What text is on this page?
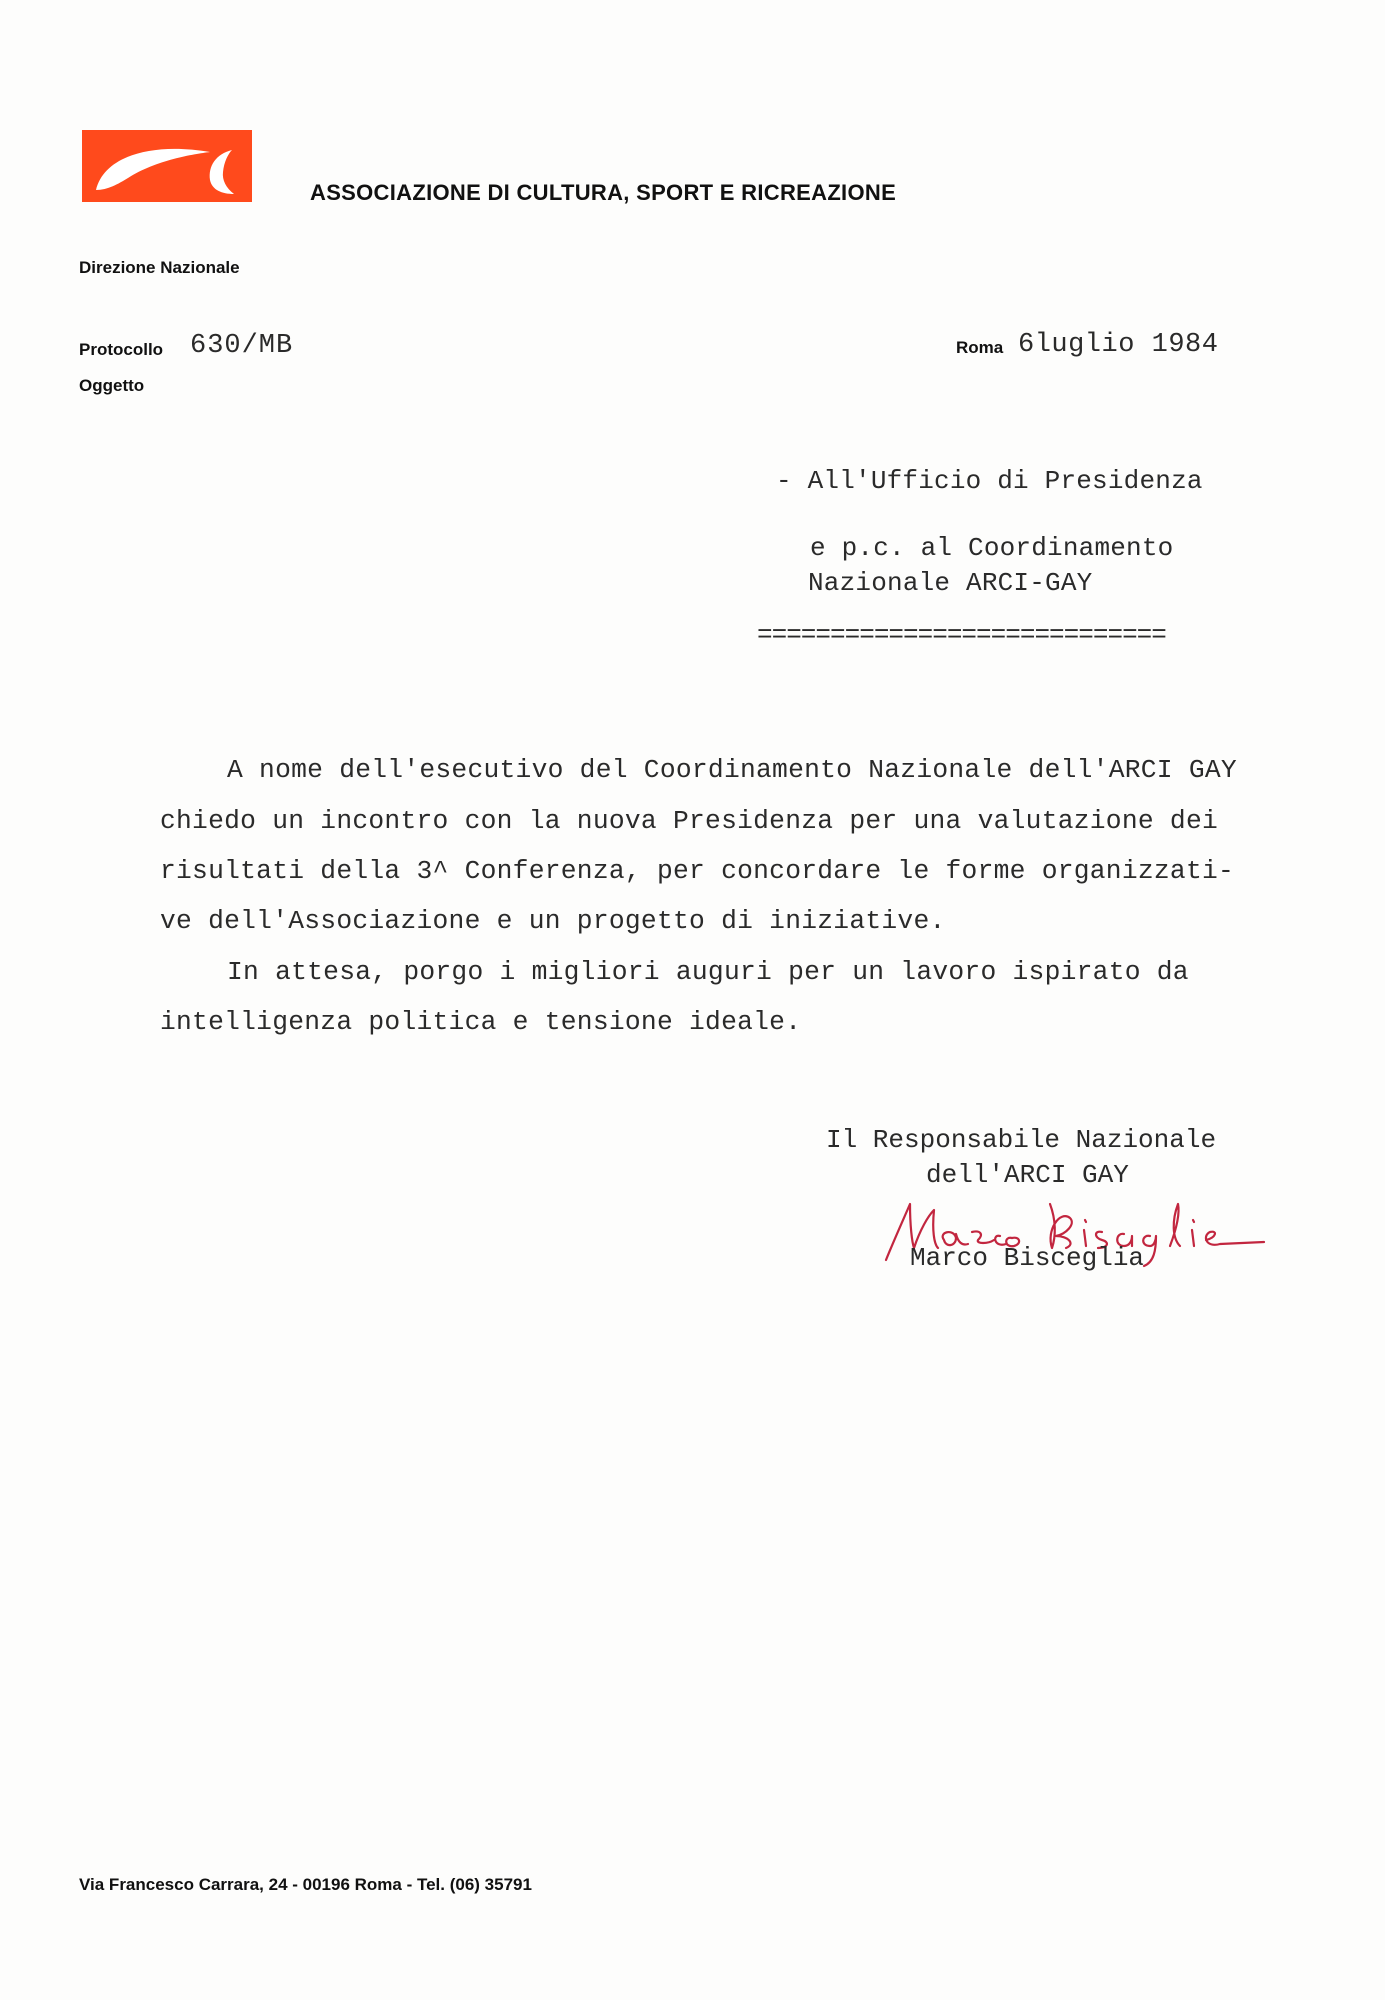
ASSOCIAZIONE DI CULTURA, SPORT E RICREAZIONE
Direzione Nazionale
Protocollo 630/MB
Oggetto
Roma 6luglio 1984
- All'Ufficio di Presidenza
e p.c. al Coordinamento
Nazionale ARCI-GAY
============================
A nome dell'esecutivo del Coordinamento Nazionale dell'ARCI GAY
chiedo un incontro con la nuova Presidenza per una valutazione dei
risultati della 3^ Conferenza, per concordare le forme organizzati-
ve dell'Associazione e un progetto di iniziative.
In attesa, porgo i migliori auguri per un lavoro ispirato da
intelligenza politica e tensione ideale.
Il Responsabile Nazionale
dell'ARCI GAY
Marco Bisceglia
Via Francesco Carrara, 24 - 00196 Roma - Tel. (06) 35791
